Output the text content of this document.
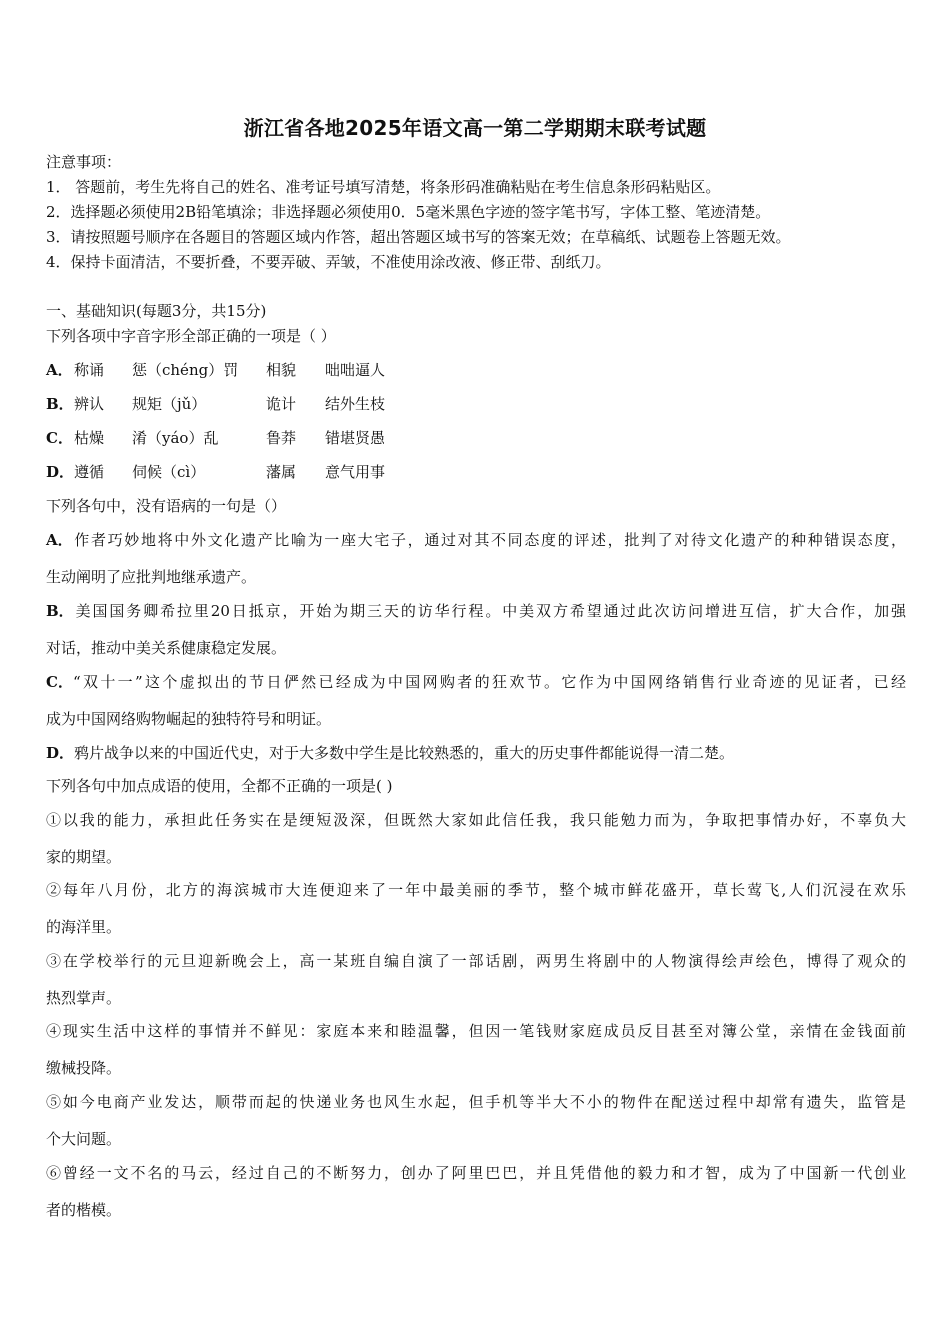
浙江省各地2025年语文高一第二学期期末联考试题
注意事项：
1． 答题前，考生先将自己的姓名、准考证号填写清楚，将条形码准确粘贴在考生信息条形码粘贴区。
2．选择题必须使用2B铅笔填涂；非选择题必须使用0．5毫米黑色字迹的签字笔书写，字体工整、笔迹清楚。
3．请按照题号顺序在各题目的答题区域内作答，超出答题区域书写的答案无效；在草稿纸、试题卷上答题无效。
4．保持卡面清洁，不要折叠，不要弄破、弄皱，不准使用涂改液、修正带、刮纸刀。
一、基础知识(每题3分，共15分)
下列各项中字音字形全部正确的一项是（ ）
A．称诵 惩（chéng）罚 相貌 咄咄逼人
B．辨认 规矩（jǔ）	诡计 结外生枝
C．枯燥 淆（yáo）乱	鲁莽 错堪贤愚
D．遵循 伺候（cì）	藩属 意气用事
下列各句中，没有语病的一句是（）
A．作者巧妙地将中外文化遗产比喻为一座大宅子，通过对其不同态度的评述，批判了对待文化遗产的种种错误态度，
生动阐明了应批判地继承遗产。
B．美国国务卿希拉里20日抵京，开始为期三天的访华行程。中美双方希望通过此次访问增进互信，扩大合作，加强
对话，推动中美关系健康稳定发展。
C．“双十一”这个虚拟出的节日俨然已经成为中国网购者的狂欢节。它作为中国网络销售行业奇迹的见证者，已经
成为中国网络购物崛起的独特符号和明证。
D．鸦片战争以来的中国近代史，对于大多数中学生是比较熟悉的，重大的历史事件都能说得一清二楚。
下列各句中加点成语的使用，全都不正确的一项是( )
①以我的能力，承担此任务实在是绠短汲深，但既然大家如此信任我，我只能勉力而为，争取把事情办好，不辜负大
家的期望。
②每年八月份，北方的海滨城市大连便迎来了一年中最美丽的季节，整个城市鲜花盛开，草长莺飞,人们沉浸在欢乐
的海洋里。
③在学校举行的元旦迎新晚会上，高一某班自编自演了一部话剧，两男生将剧中的人物演得绘声绘色，博得了观众的
热烈掌声。
④现实生活中这样的事情并不鲜见：家庭本来和睦温馨，但因一笔钱财家庭成员反目甚至对簿公堂，亲情在金钱面前
缴械投降。
⑤如今电商产业发达，顺带而起的快递业务也风生水起，但手机等半大不小的物件在配送过程中却常有遗失，监管是
个大问题。
⑥曾经一文不名的马云，经过自己的不断努力，创办了阿里巴巴，并且凭借他的毅力和才智，成为了中国新一代创业
者的楷模。
